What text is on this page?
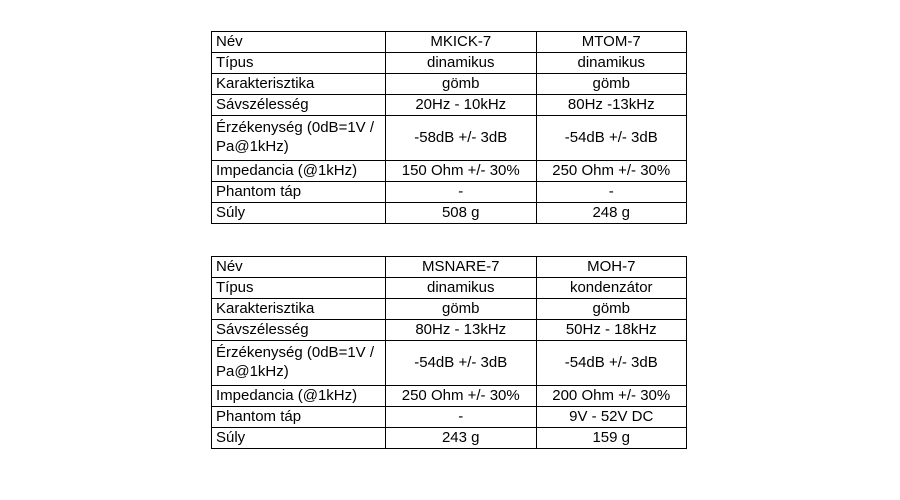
Név	MKICK-7	MTOM-7
Típus	dinamikus	dinamikus
Karakterisztika	gömb	gömb
Sávszélesség	20Hz - 10kHz	80Hz -13kHz
Érzékenység (0dB=1V / Pa@1kHz)	-58dB +/- 3dB	-54dB +/- 3dB
Impedancia (@1kHz)	150 Ohm +/- 30%	250 Ohm +/- 30%
Phantom táp	-	-
Súly	508 g	248 g
Név	MSNARE-7	MOH-7
Típus	dinamikus	kondenzátor
Karakterisztika	gömb	gömb
Sávszélesség	80Hz - 13kHz	50Hz - 18kHz
Érzékenység (0dB=1V / Pa@1kHz)	-54dB +/- 3dB	-54dB +/- 3dB
Impedancia (@1kHz)	250 Ohm +/- 30%	200 Ohm +/- 30%
Phantom táp	-	9V - 52V DC
Súly	243 g	159 g
